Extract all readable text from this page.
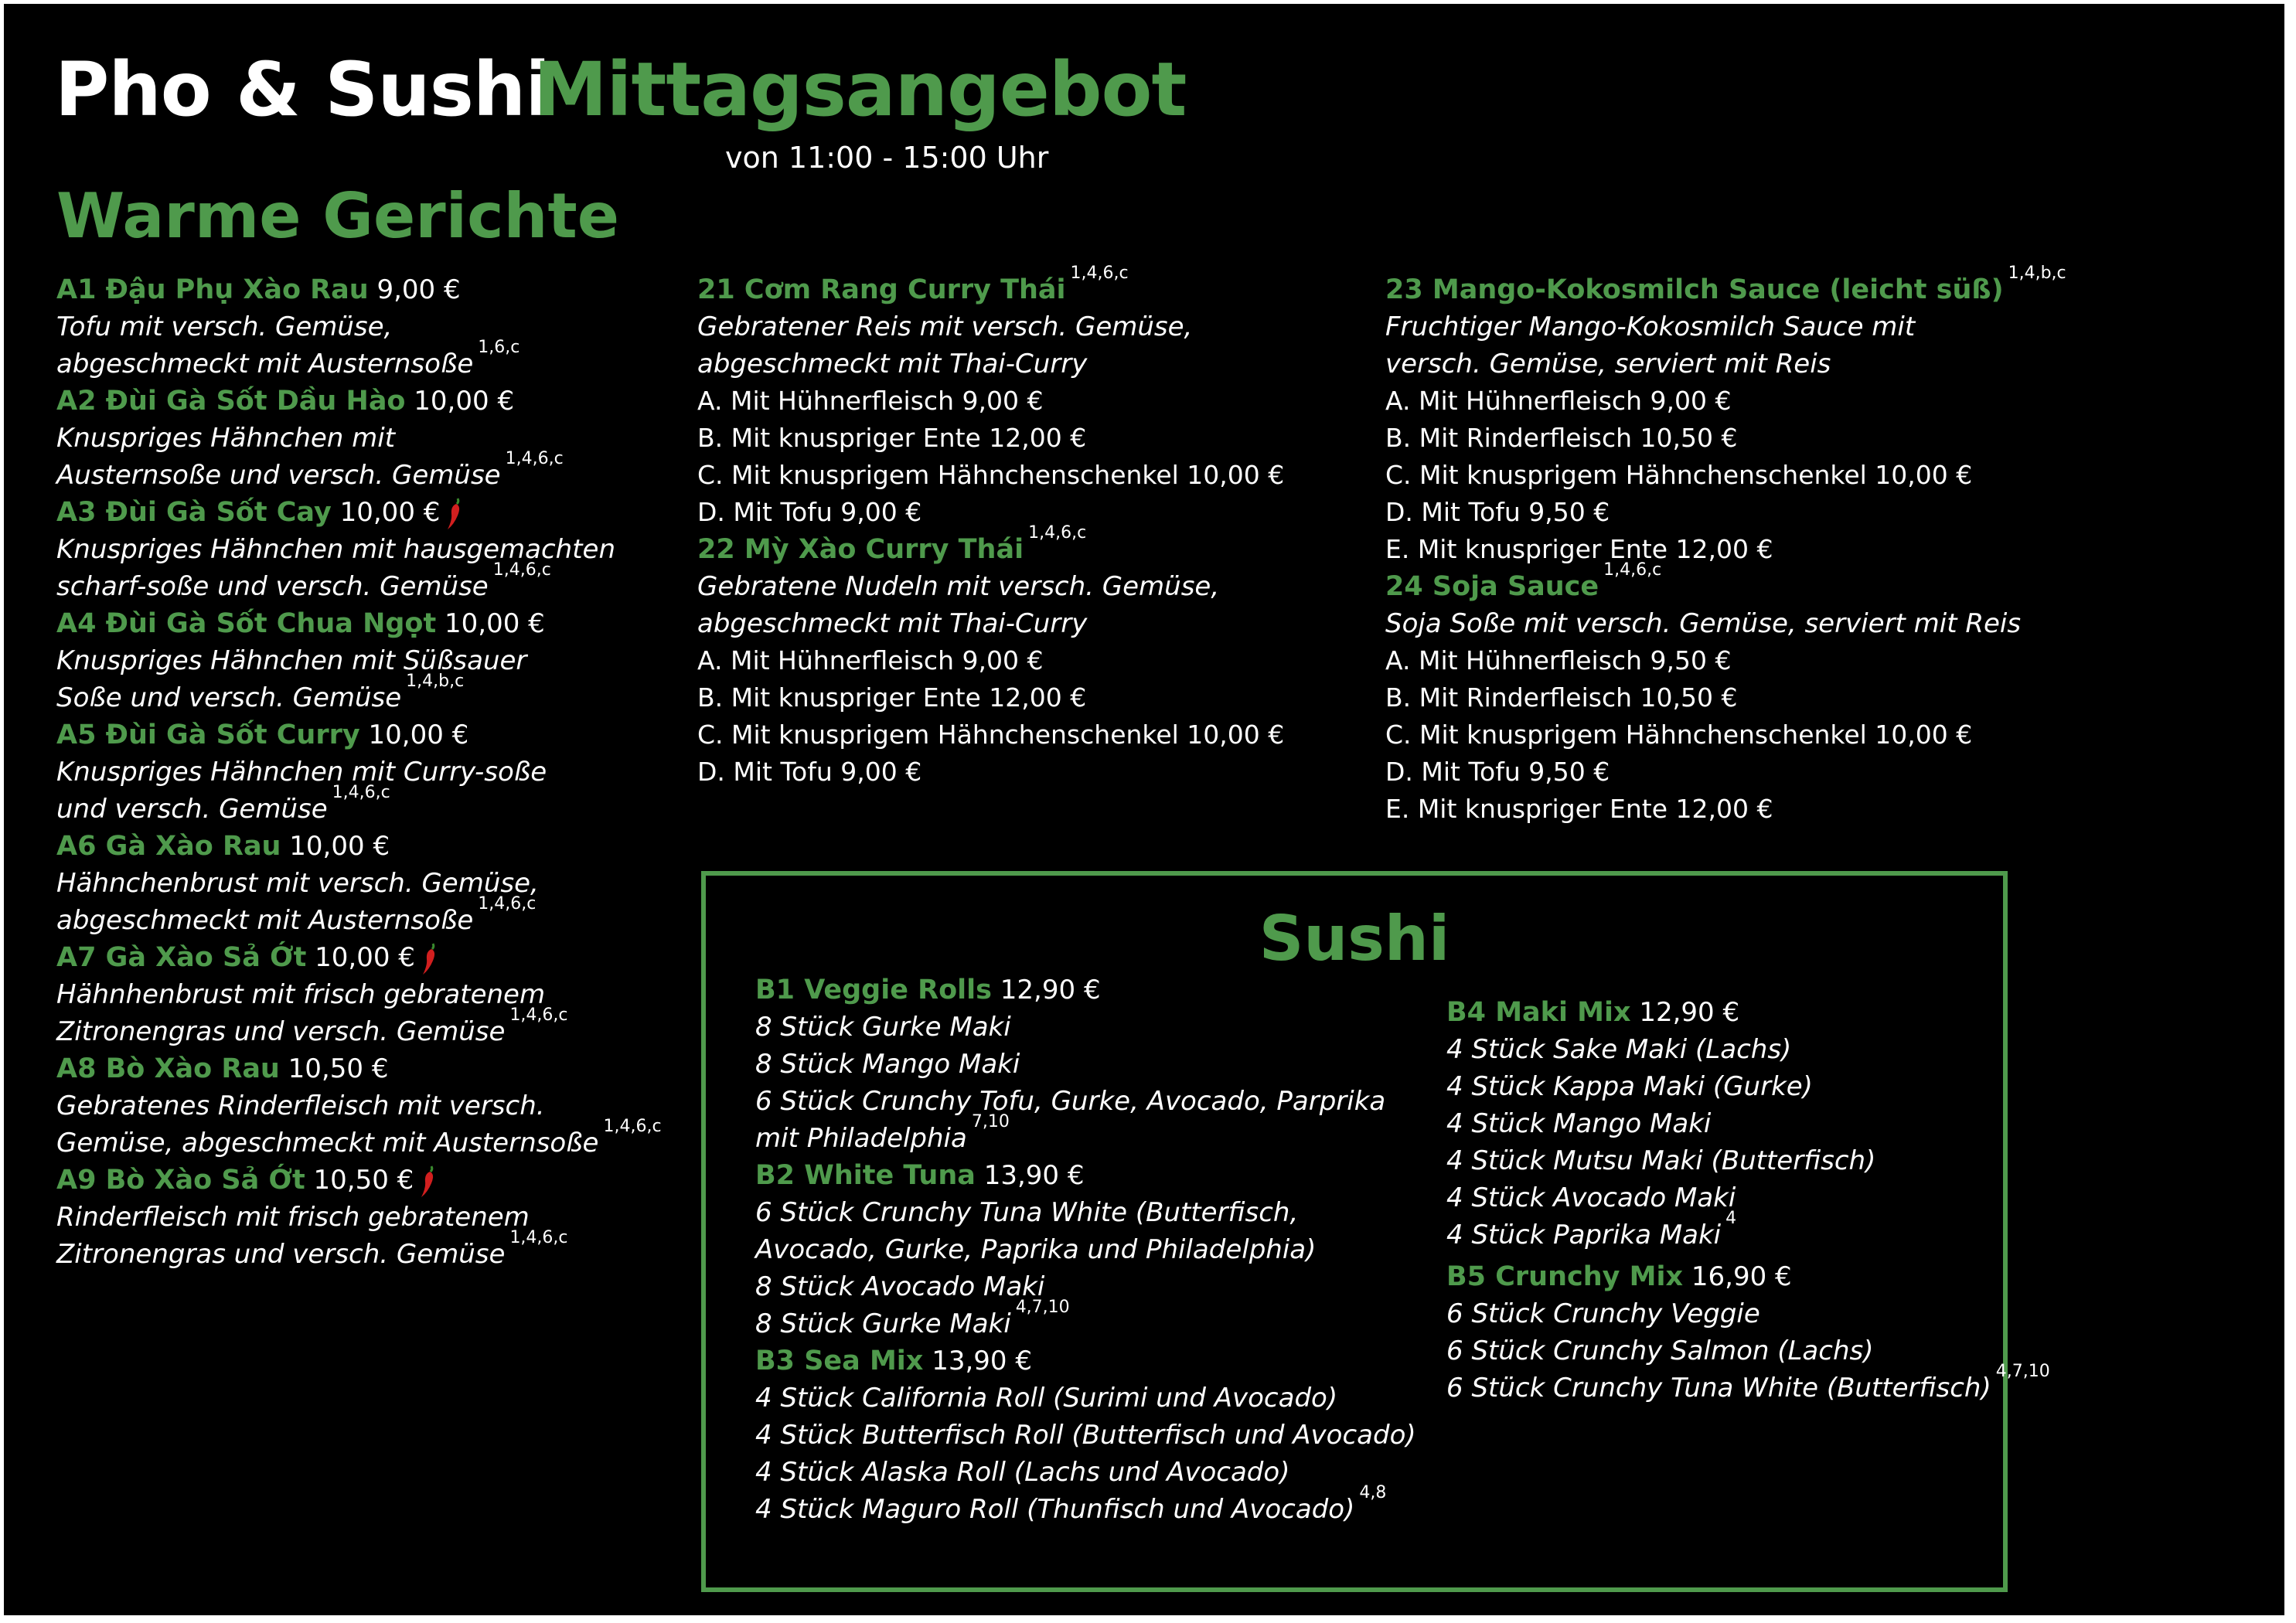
Pho & Sushi
Mittagsangebot
von 11:00 - 15:00 Uhr
Warme Gerichte
A1 Đậu Phụ Xào Rau 9,00 €
Tofu mit versch. Gemüse,
abgeschmeckt mit Austernsoße$^{1,6,c}$
A2 Đùi Gà Sốt Dầu Hào 10,00 €
Knuspriges Hähnchen mit
Austernsoße und versch. Gemüse$^{1,4,6,c}$
A3 Đùi Gà Sốt Cay 10,00 €
Knuspriges Hähnchen mit hausgemachten
scharf-soße und versch. Gemüse$^{1,4,6,c}$
A4 Đùi Gà Sốt Chua Ngọt 10,00 €
Knuspriges Hähnchen mit Süßsauer
Soße und versch. Gemüse$^{1,4,b,c}$
A5 Đùi Gà Sốt Curry 10,00 €
Knuspriges Hähnchen mit Curry-soße
und versch. Gemüse$^{1,4,6,c}$
A6 Gà Xào Rau 10,00 €
Hähnchenbrust mit versch. Gemüse,
abgeschmeckt mit Austernsoße$^{1,4,6,c}$
A7 Gà Xào Sả Ớt 10,00 €
Hähnhenbrust mit frisch gebratenem
Zitronengras und versch. Gemüse$^{1,4,6,c}$
A8 Bò Xào Rau 10,50 €
Gebratenes Rinderfleisch mit versch.
Gemüse, abgeschmeckt mit Austernsoße$^{1,4,6,c}$
A9 Bò Xào Sả Ớt 10,50 €
Rinderfleisch mit frisch gebratenem
Zitronengras und versch. Gemüse$^{1,4,6,c}$
21 Cơm Rang Curry Thái$^{1,4,6,c}$
Gebratener Reis mit versch. Gemüse,
abgeschmeckt mit Thai-Curry
A. Mit Hühnerfleisch 9,00 €
B. Mit knuspriger Ente 12,00 €
C. Mit knusprigem Hähnchenschenkel 10,00 €
D. Mit Tofu 9,00 €
22 Mỳ Xào Curry Thái$^{1,4,6,c}$
Gebratene Nudeln mit versch. Gemüse,
abgeschmeckt mit Thai-Curry
A. Mit Hühnerfleisch 9,00 €
B. Mit knuspriger Ente 12,00 €
C. Mit knusprigem Hähnchenschenkel 10,00 €
D. Mit Tofu 9,00 €
23 Mango-Kokosmilch Sauce (leicht süß)$^{1,4,b,c}$
Fruchtiger Mango-Kokosmilch Sauce mit
versch. Gemüse, serviert mit Reis
A. Mit Hühnerfleisch 9,00 €
B. Mit Rinderfleisch 10,50 €
C. Mit knusprigem Hähnchenschenkel 10,00 €
D. Mit Tofu 9,50 €
E. Mit knuspriger Ente 12,00 €
24 Soja Sauce$^{1,4,6,c}$
Soja Soße mit versch. Gemüse, serviert mit Reis
A. Mit Hühnerfleisch 9,50 €
B. Mit Rinderfleisch 10,50 €
C. Mit knusprigem Hähnchenschenkel 10,00 €
D. Mit Tofu 9,50 €
E. Mit knuspriger Ente 12,00 €
Sushi
B1 Veggie Rolls 12,90 €
8 Stück Gurke Maki
8 Stück Mango Maki
6 Stück Crunchy Tofu, Gurke, Avocado, Parprika
mit Philadelphia$^{7,10}$
B2 White Tuna 13,90 €
6 Stück Crunchy Tuna White (Butterfisch,
Avocado, Gurke, Paprika und Philadelphia)
8 Stück Avocado Maki
8 Stück Gurke Maki$^{4,7,10}$
B3 Sea Mix 13,90 €
4 Stück California Roll (Surimi und Avocado)
4 Stück Butterfisch Roll (Butterfisch und Avocado)
4 Stück Alaska Roll (Lachs und Avocado)
4 Stück Maguro Roll (Thunfisch und Avocado)$^{4,8}$
B4 Maki Mix 12,90 €
4 Stück Sake Maki (Lachs)
4 Stück Kappa Maki (Gurke)
4 Stück Mango Maki
4 Stück Mutsu Maki (Butterfisch)
4 Stück Avocado Maki
4 Stück Paprika Maki$^4$
B5 Crunchy Mix 16,90 €
6 Stück Crunchy Veggie
6 Stück Crunchy Salmon (Lachs)
6 Stück Crunchy Tuna White (Butterfisch)$^{4,7,10}$
